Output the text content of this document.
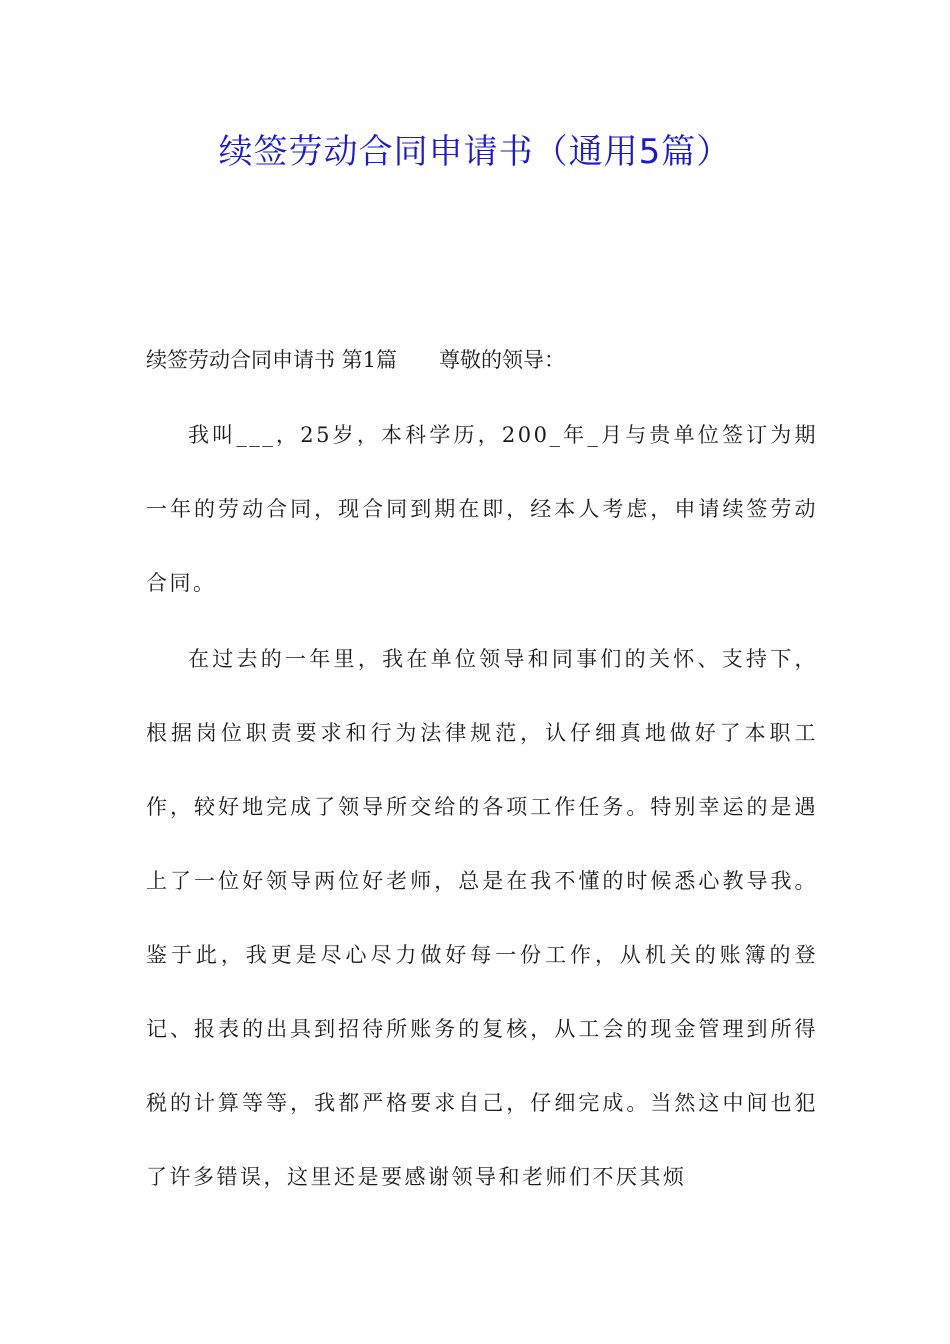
续签劳动合同申请书（通用5篇）

续签劳动合同申请书 第1篇 尊敬的领导：

我叫___，25岁，本科学历，200_年_月与贵单位签订为期一年的劳动合同，现合同到期在即，经本人考虑，申请续签劳动合同。

在过去的一年里，我在单位领导和同事们的关怀、支持下，根据岗位职责要求和行为法律规范，认仔细真地做好了本职工作，较好地完成了领导所交给的各项工作任务。特别幸运的是遇上了一位好领导两位好老师，总是在我不懂的时候悉心教导我。鉴于此，我更是尽心尽力做好每一份工作，从机关的账簿的登记、报表的出具到招待所账务的复核，从工会的现金管理到所得税的计算等等，我都严格要求自己，仔细完成。当然这中间也犯了许多错误，这里还是要感谢领导和老师们不厌其烦
